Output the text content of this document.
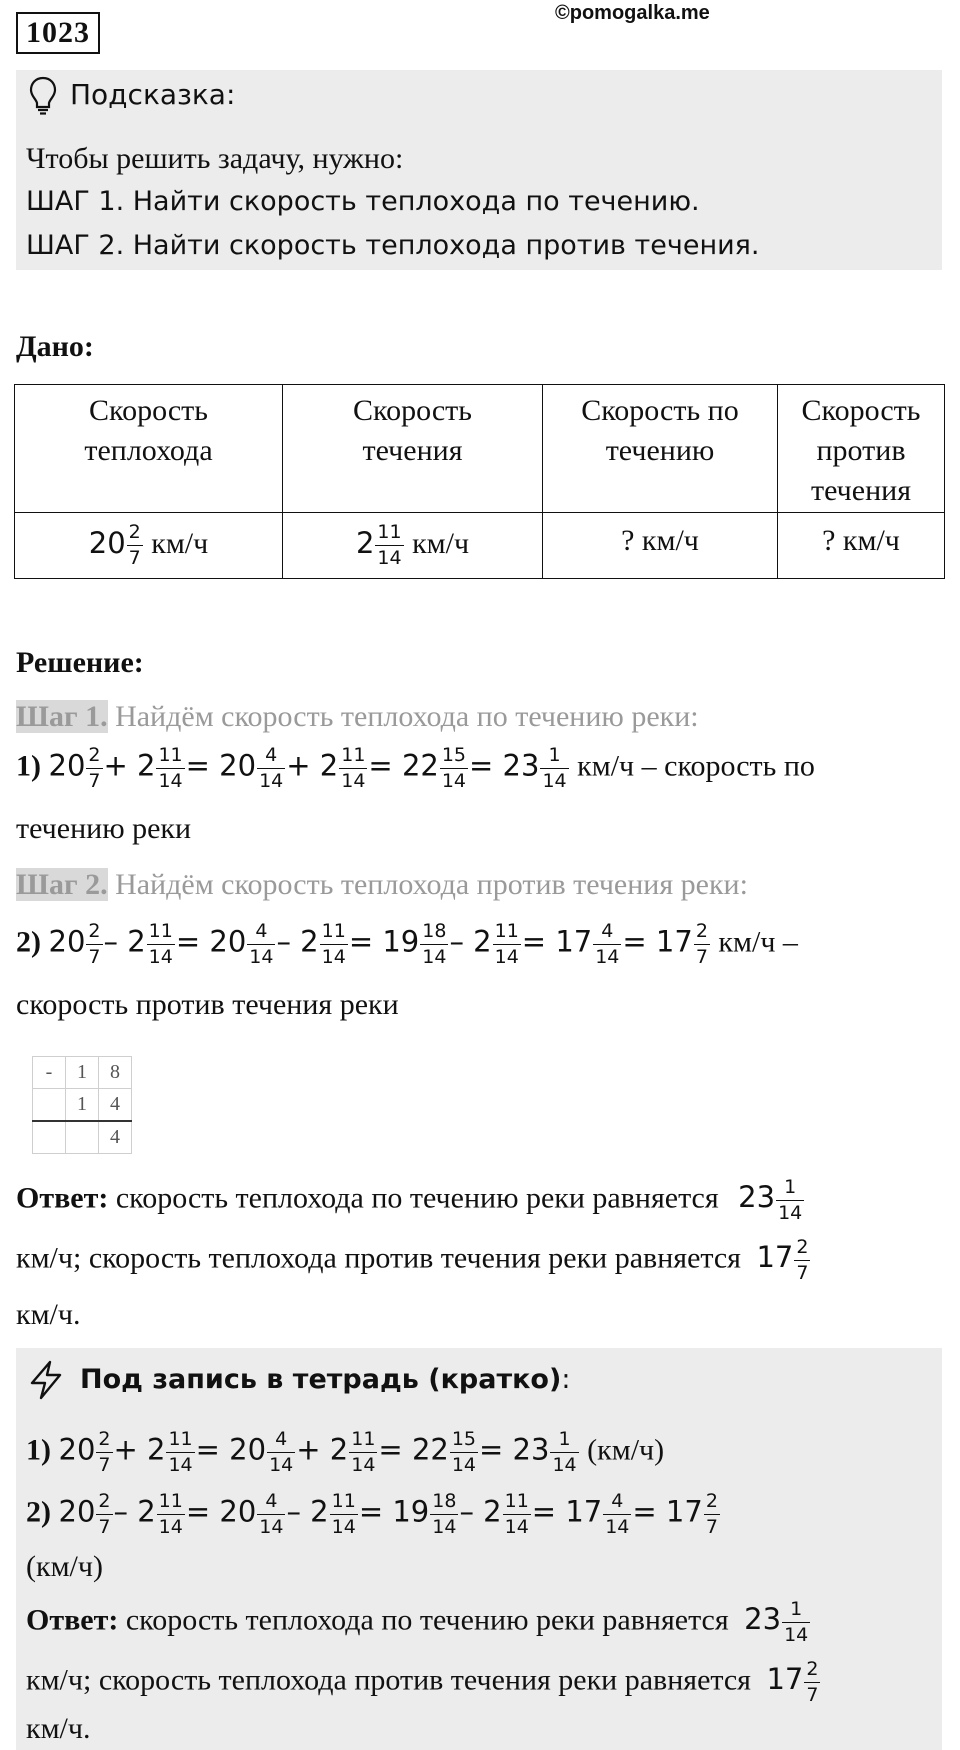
1023
©pomogalka.me
Подсказка:
Чтобы решить задачу, нужно:
ШАГ 1. Найти скорость теплохода по течению.
ШАГ 2. Найти скорость теплохода против течения.
Дано:
Скорость теплохода	Скорость течения	Скорость по течению	Скорость против течения
$20 \frac{2}{7} км/ч$	$2 \frac{11}{14} км/ч$	? км/ч	? км/ч
Решение:
Шаг 1. Найдём скорость теплохода по течению реки:
1) $20 \frac{2}{7} + 2 \frac{11}{14} = 20 \frac{4}{14} + 2 \frac{11}{14} = 22 \frac{15}{14} = 23 \frac{1}{14} км/ч$ – скорость по
течению реки
Шаг 2. Найдём скорость теплохода против течения реки:
2) $20 \frac{2}{7} - 2 \frac{11}{14} = 20 \frac{4}{14} - 2 \frac{11}{14} = 19 \frac{18}{14} - 2 \frac{11}{14} = 17 \frac{4}{14} = 17 \frac{2}{7} км/ч$ –
скорость против течения реки
-	1	8
	1	4
		4
Ответ: скорость теплохода по течению реки равняется $23 \frac{1}{14}$
км/ч; скорость теплохода против течения реки равняется $17 \frac{2}{7}$
км/ч.
Под запись в тетрадь (кратко):
1) $20 \frac{2}{7} + 2 \frac{11}{14} = 20 \frac{4}{14} + 2 \frac{11}{14} = 22 \frac{15}{14} = 23 \frac{1}{14} (км/ч)$
2) $20 \frac{2}{7} - 2 \frac{11}{14} = 20 \frac{4}{14} - 2 \frac{11}{14} = 19 \frac{18}{14} - 2 \frac{11}{14} = 17 \frac{4}{14} = 17 \frac{2}{7}$
(км/ч)
Ответ: скорость теплохода по течению реки равняется $23 \frac{1}{14}$
км/ч; скорость теплохода против течения реки равняется $17 \frac{2}{7}$
км/ч.
